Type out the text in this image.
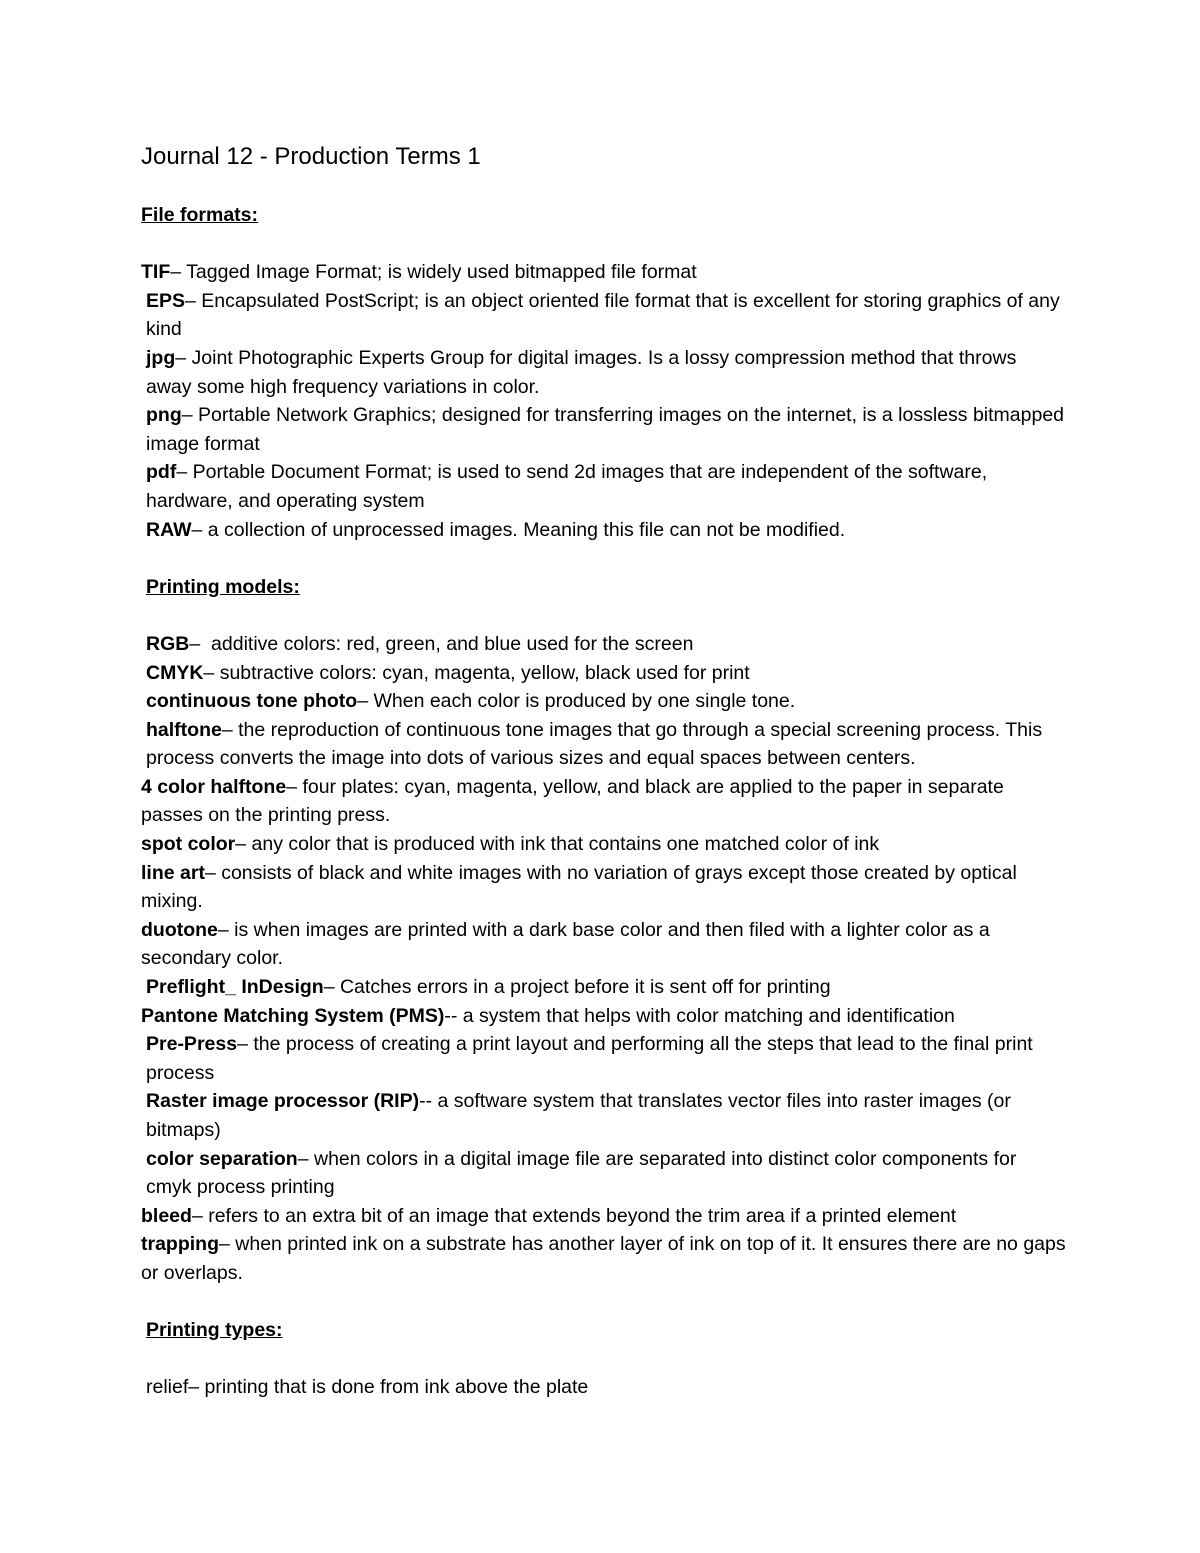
Journal 12 - Production Terms 1
File formats:
TIF– Tagged Image Format; is widely used bitmapped file format
EPS– Encapsulated PostScript; is an object oriented file format that is excellent for storing graphics of any kind
jpg– Joint Photographic Experts Group for digital images. Is a lossy compression method that throws away some high frequency variations in color.
png– Portable Network Graphics; designed for transferring images on the internet, is a lossless bitmapped image format
pdf– Portable Document Format; is used to send 2d images that are independent of the software, hardware, and operating system
RAW– a collection of unprocessed images. Meaning this file can not be modified.
Printing models:
RGB–  additive colors: red, green, and blue used for the screen
CMYK– subtractive colors: cyan, magenta, yellow, black used for print
continuous tone photo– When each color is produced by one single tone.
halftone– the reproduction of continuous tone images that go through a special screening process. This process converts the image into dots of various sizes and equal spaces between centers.
4 color halftone– four plates: cyan, magenta, yellow, and black are applied to the paper in separate passes on the printing press.
spot color– any color that is produced with ink that contains one matched color of ink
line art– consists of black and white images with no variation of grays except those created by optical mixing.
duotone– is when images are printed with a dark base color and then filed with a lighter color as a secondary color.
Preflight_ InDesign– Catches errors in a project before it is sent off for printing
Pantone Matching System (PMS)-- a system that helps with color matching and identification
Pre-Press– the process of creating a print layout and performing all the steps that lead to the final print process
Raster image processor (RIP)-- a software system that translates vector files into raster images (or bitmaps)
color separation– when colors in a digital image file are separated into distinct color components for cmyk process printing
bleed– refers to an extra bit of an image that extends beyond the trim area if a printed element
trapping– when printed ink on a substrate has another layer of ink on top of it. It ensures there are no gaps or overlaps.
Printing types:
relief– printing that is done from ink above the plate
